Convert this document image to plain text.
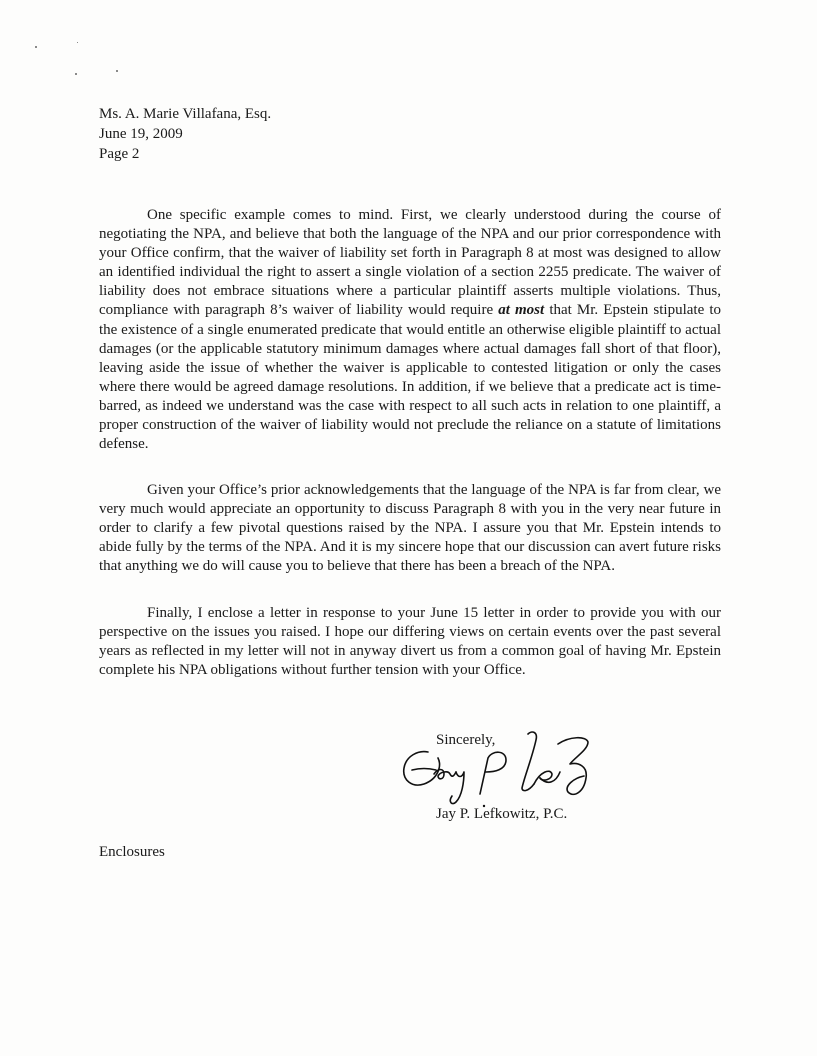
Ms. A. Marie Villafana, Esq.
June 19, 2009
Page 2

One specific example comes to mind. First, we clearly understood during the course of negotiating the NPA, and believe that both the language of the NPA and our prior correspondence with your Office confirm, that the waiver of liability set forth in Paragraph 8 at most was designed to allow an identified individual the right to assert a single violation of a section 2255 predicate. The waiver of liability does not embrace situations where a particular plaintiff asserts multiple violations. Thus, compliance with paragraph 8’s waiver of liability would require at most that Mr. Epstein stipulate to the existence of a single enumerated predicate that would entitle an otherwise eligible plaintiff to actual damages (or the applicable statutory minimum damages where actual damages fall short of that floor), leaving aside the issue of whether the waiver is applicable to contested litigation or only the cases where there would be agreed damage resolutions. In addition, if we believe that a predicate act is time-barred, as indeed we understand was the case with respect to all such acts in relation to one plaintiff, a proper construction of the waiver of liability would not preclude the reliance on a statute of limitations defense.

Given your Office’s prior acknowledgements that the language of the NPA is far from clear, we very much would appreciate an opportunity to discuss Paragraph 8 with you in the very near future in order to clarify a few pivotal questions raised by the NPA. I assure you that Mr. Epstein intends to abide fully by the terms of the NPA. And it is my sincere hope that our discussion can avert future risks that anything we do will cause you to believe that there has been a breach of the NPA.

Finally, I enclose a letter in response to your June 15 letter in order to provide you with our perspective on the issues you raised. I hope our differing views on certain events over the past several years as reflected in my letter will not in anyway divert us from a common goal of having Mr. Epstein complete his NPA obligations without further tension with your Office.

Sincerely,
Jay P. Lefkowitz, P.C.
Enclosures
